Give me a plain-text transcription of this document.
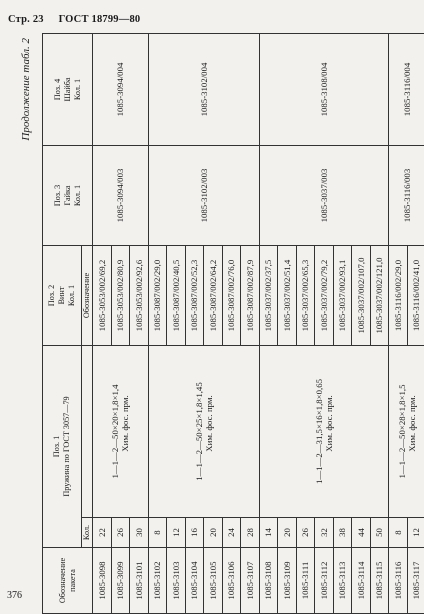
Стр. 23 ГОСТ 18799—80
376
Продолжение табл. 2
Обозначение пакета	Поз. 1 Пружина по ГОСТ 3057—79		Поз. 2 Винт Кол. 1	Поз. 3 Гайка Кол. 1	Поз. 4 Шайба Кол. 1

	Кол.		Обозначение		
1085-3098	22	1—1—2—50×20×1,8×1,4 Хим. фос. прм.	1085-3053/002/69,2	1085-3094/003	1085-3094/004
1085-3099	26		1085-3053/002/80,9		
1085-3101	30		1085-3053/002/92,6		
1085-3102	8	1—1—2—50×25×1,8×1,45 Хим. фос. прм.	1085-3087/002/29,0	1085-3102/003	1085-3102/004
1085-3103	12		1085-3087/002/40,5		
1085-3104	16		1085-3087/002/52,3		
1085-3105	20		1085-3087/002/64,2		
1085-3106	24		1085-3087/002/76,0		
1085-3107	28		1085-3087/002/87,9		
1085-3108	14	1—1—2—31,5×16×1,8×0,65 Хим. фос. прм.	1085-3037/002/37,5	1085-3037/003	1085-3108/004
1085-3109	20		1085-3037/002/51,4		
1085-3111	26		1085-3037/002/65,3		
1085-3112	32		1085-3037/002/79,2		
1085-3113	38		1085-3037/002/93,1		
1085-3114	44		1085-3037/002/107,0		
1085-3115	50		1085-3037/002/121,0		
1085-3116	8	1—1—2—50×28×1,8×1,5 Хим. фос. прм.	1085-3116/002/29,0	1085-3116/003	1085-3116/004
1085-3117	12		1085-3116/002/41,0		
